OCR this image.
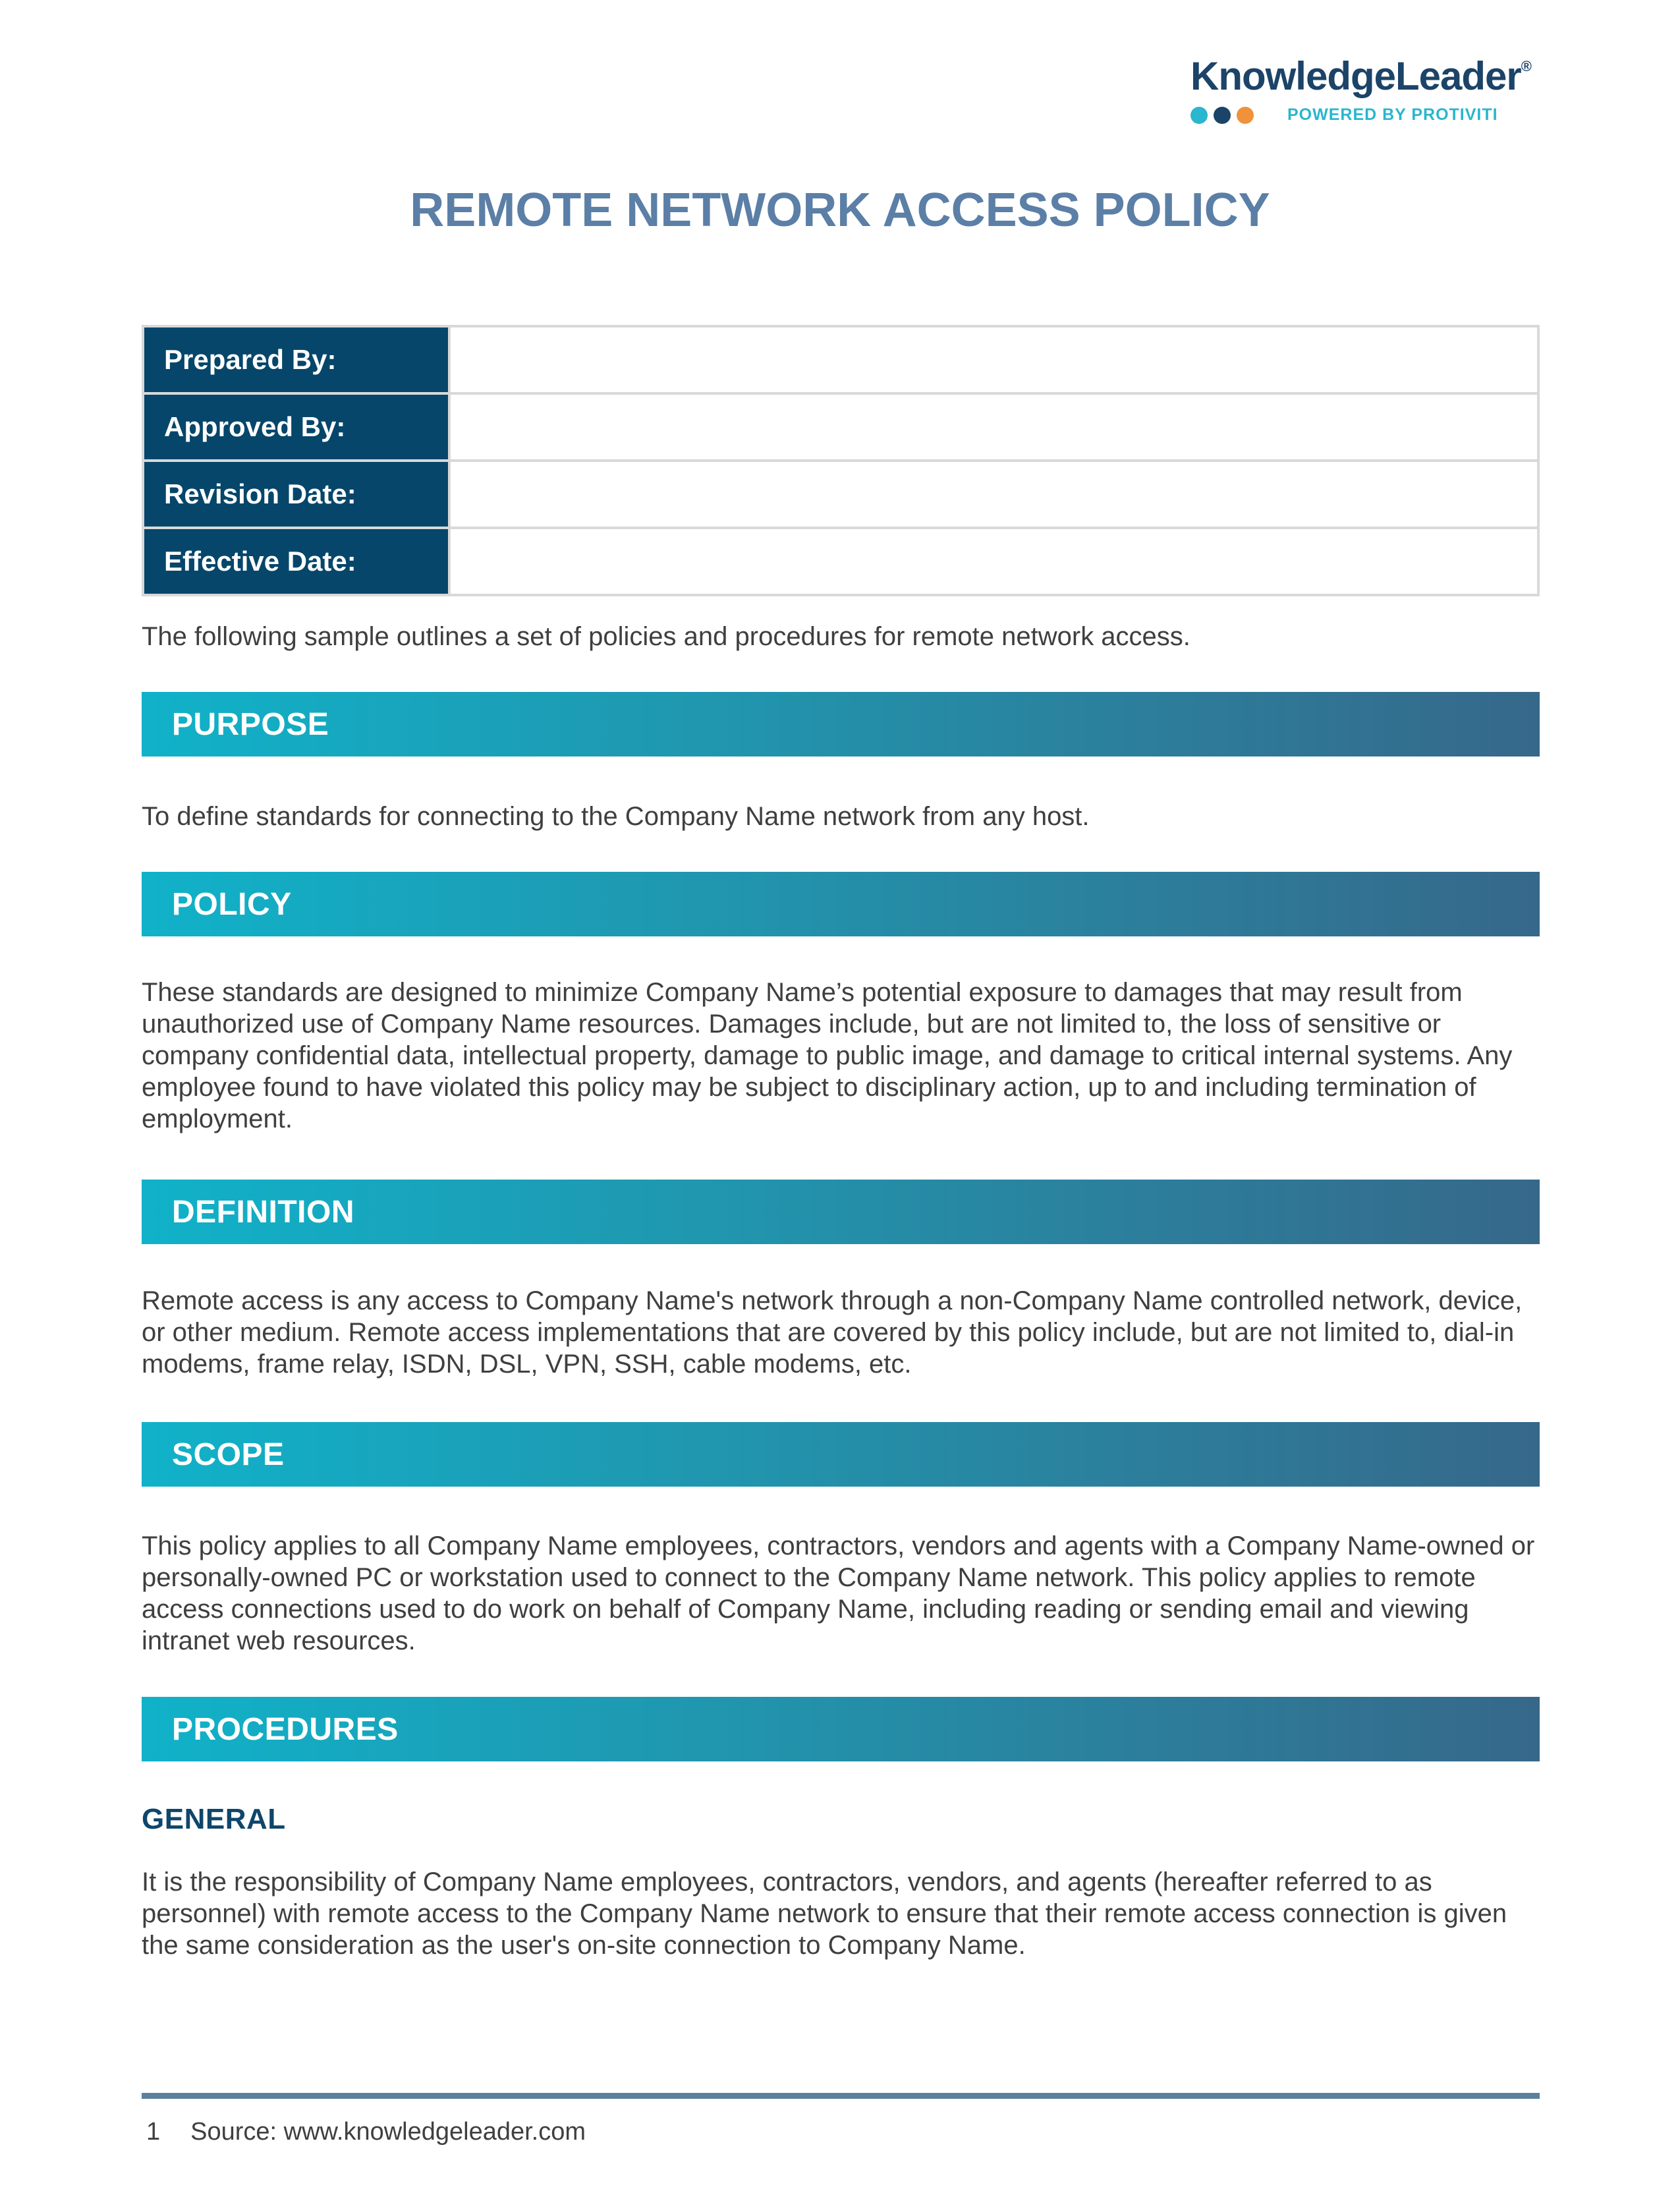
KnowledgeLeader®
POWERED BY PROTIVITI
REMOTE NETWORK ACCESS POLICY
Prepared By:	
Approved By:	
Revision Date:	
Effective Date:	
The following sample outlines a set of policies and procedures for remote network access.
PURPOSE
To define standards for connecting to the Company Name network from any host.
POLICY
These standards are designed to minimize Company Name’s potential exposure to damages that may result from unauthorized use of Company Name resources. Damages include, but are not limited to, the loss of sensitive or company confidential data, intellectual property, damage to public image, and damage to critical internal systems. Any employee found to have violated this policy may be subject to disciplinary action, up to and including termination of employment.
DEFINITION
Remote access is any access to Company Name's network through a non-Company Name controlled network, device, or other medium. Remote access implementations that are covered by this policy include, but are not limited to, dial-in modems, frame relay, ISDN, DSL, VPN, SSH, cable modems, etc.
SCOPE
This policy applies to all Company Name employees, contractors, vendors and agents with a Company Name-owned or personally-owned PC or workstation used to connect to the Company Name network. This policy applies to remote access connections used to do work on behalf of Company Name, including reading or sending email and viewing intranet web resources.
PROCEDURES
GENERAL
It is the responsibility of Company Name employees, contractors, vendors, and agents (hereafter referred to as personnel) with remote access to the Company Name network to ensure that their remote access connection is given the same consideration as the user's on-site connection to Company Name.
1 Source: www.knowledgeleader.com
